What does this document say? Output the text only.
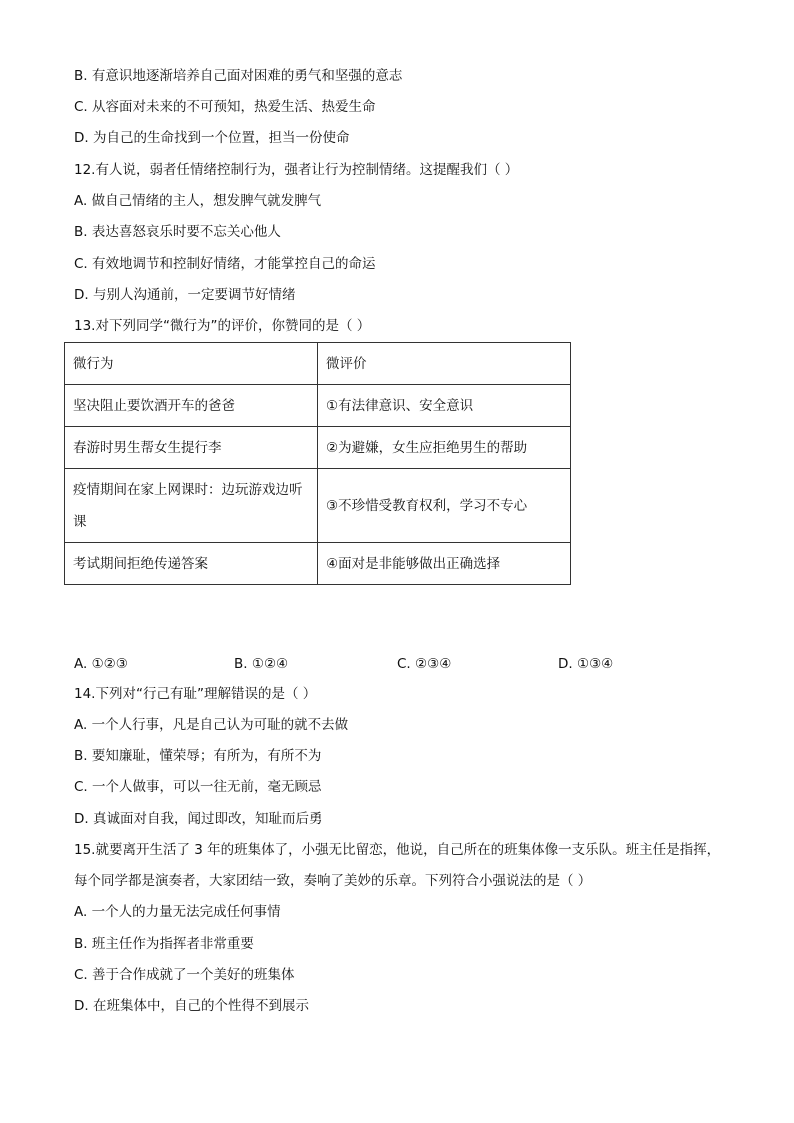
B. 有意识地逐渐培养自己面对困难的勇气和坚强的意志
C. 从容面对未来的不可预知，热爱生活、热爱生命
D. 为自己的生命找到一个位置，担当一份使命
12.有人说，弱者任情绪控制行为，强者让行为控制情绪。这提醒我们（ ）
A. 做自己情绪的主人，想发脾气就发脾气
B. 表达喜怒哀乐时要不忘关心他人
C. 有效地调节和控制好情绪，才能掌控自己的命运
D. 与别人沟通前，一定要调节好情绪
13.对下列同学“微行为”的评价，你赞同的是（ ）
微行为	微评价
坚决阻止要饮酒开车的爸爸	①有法律意识、安全意识
春游时男生帮女生提行李	②为避嫌，女生应拒绝男生的帮助
疫情期间在家上网课时：边玩游戏边听课	③不珍惜受教育权利，学习不专心
考试期间拒绝传递答案	④面对是非能够做出正确选择
A. ①②③	B. ①②④	C. ②③④	D. ①③④
14.下列对“行己有耻”理解错误的是（ ）
A. 一个人行事，凡是自己认为可耻的就不去做
B. 要知廉耻，懂荣辱；有所为，有所不为
C. 一个人做事，可以一往无前，毫无顾忌
D. 真诚面对自我，闻过即改，知耻而后勇
15.就要离开生活了 3 年的班集体了，小强无比留恋，他说，自己所在的班集体像一支乐队。班主任是指挥，
每个同学都是演奏者，大家团结一致，奏响了美妙的乐章。下列符合小强说法的是（ ）
A. 一个人的力量无法完成任何事情
B. 班主任作为指挥者非常重要
C. 善于合作成就了一个美好的班集体
D. 在班集体中，自己的个性得不到展示
